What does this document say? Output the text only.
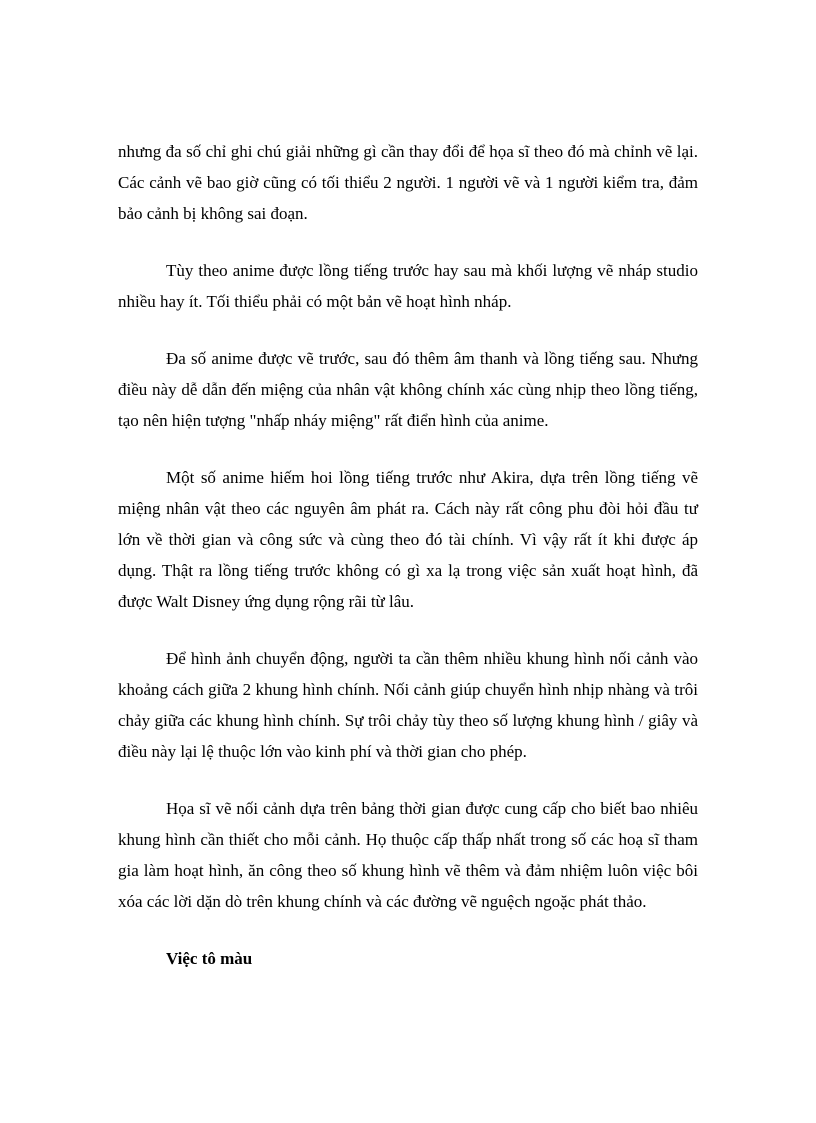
nhưng đa số chỉ ghi chú giải những gì cần thay đổi để họa sĩ theo đó mà chỉnh vẽ lại. Các cảnh vẽ bao giờ cũng có tối thiểu 2 người. 1 người vẽ và 1 người kiểm tra, đảm bảo cảnh bị không sai đoạn.

Tùy theo anime được lồng tiếng trước hay sau mà khối lượng vẽ nháp studio nhiều hay ít. Tối thiểu phải có một bản vẽ hoạt hình nháp.

Đa số anime được vẽ trước, sau đó thêm âm thanh và lồng tiếng sau. Nhưng điều này dễ dẫn đến miệng của nhân vật không chính xác cùng nhịp theo lồng tiếng, tạo nên hiện tượng "nhấp nháy miệng" rất điển hình của anime.

Một số anime hiếm hoi lồng tiếng trước như Akira, dựa trên lồng tiếng vẽ miệng nhân vật theo các nguyên âm phát ra. Cách này rất công phu đòi hỏi đầu tư lớn về thời gian và công sức và cùng theo đó tài chính. Vì vậy rất ít khi được áp dụng. Thật ra lồng tiếng trước không có gì xa lạ trong việc sản xuất hoạt hình, đã được Walt Disney ứng dụng rộng rãi từ lâu.

Để hình ảnh chuyển động, người ta cần thêm nhiều khung hình nối cảnh vào khoảng cách giữa 2 khung hình chính. Nối cảnh giúp chuyển hình nhịp nhàng và trôi chảy giữa các khung hình chính. Sự trôi chảy tùy theo số lượng khung hình / giây và điều này lại lệ thuộc lớn vào kinh phí và thời gian cho phép.

Họa sĩ vẽ nối cảnh dựa trên bảng thời gian được cung cấp cho biết bao nhiêu khung hình cần thiết cho mỗi cảnh. Họ thuộc cấp thấp nhất trong số các hoạ sĩ tham gia làm hoạt hình, ăn công theo số khung hình vẽ thêm và đảm nhiệm luôn việc bôi xóa các lời dặn dò trên khung chính và các đường vẽ nguệch ngoặc phát thảo.

Việc tô màu
